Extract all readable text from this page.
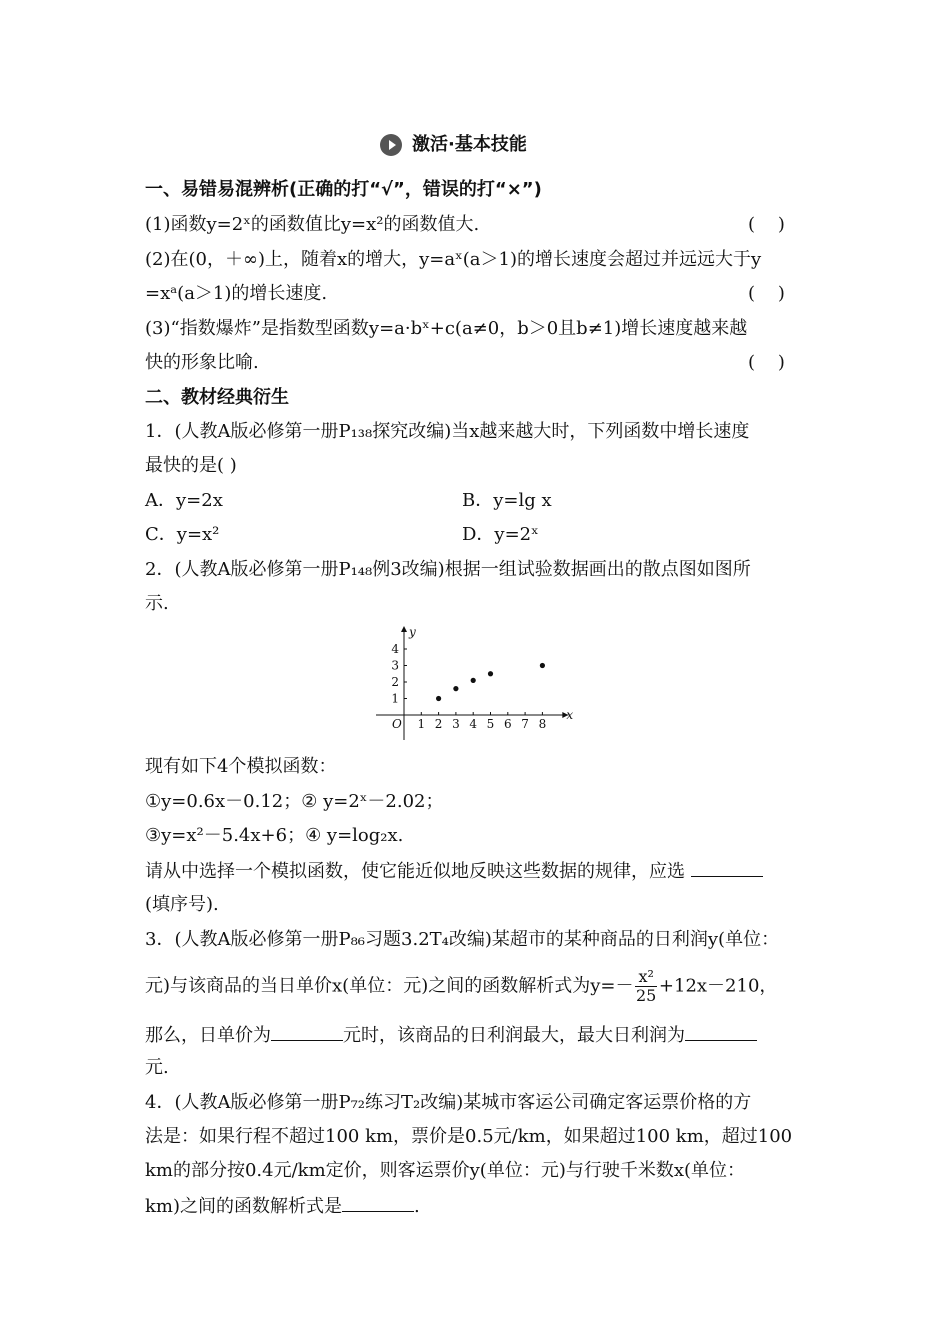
激活·基本技能
一、易错易混辨析(正确的打“√”，错误的打“×”)
(1)函数y=2ˣ的函数值比y=x²的函数值大.	(    )
(2)在(0，＋∞)上，随着x的增大，y=aˣ(a＞1)的增长速度会超过并远远大于y
=xᵃ(a＞1)的增长速度.	(    )
(3)“指数爆炸”是指数型函数y=a·bˣ+c(a≠0，b＞0且b≠1)增长速度越来越
快的形象比喻.	(    )
二、教材经典衍生
1．(人教A版必修第一册P₁₃₈探究改编)当x越来越大时，下列函数中增长速度
最快的是( )
A．y=2x	B．y=lg x
C．y=x²	D．y=2ˣ
2．(人教A版必修第一册P₁₄₈例3改编)根据一组试验数据画出的散点图如图所
示.
x
y
O 1 2 3 4 5 6 7 8
1
2
3
4
现有如下4个模拟函数：
①y=0.6x－0.12；② y=2ˣ－2.02；
③y=x²－5.4x+6；④ y=log₂x.
请从中选择一个模拟函数，使它能近似地反映这些数据的规律，应选
(填序号).
3．(人教A版必修第一册P₈₆习题3.2T₄改编)某超市的某种商品的日利润y(单位：
元)与该商品的当日单价x(单位：元)之间的函数解析式为$y=- \frac{\text{x²}}{25} +12x-210$，
那么，日单价为	元时，该商品的日利润最大，最大日利润为
元.
4．(人教A版必修第一册P₇₂练习T₂改编)某城市客运公司确定客运票价格的方
法是：如果行程不超过100 km，票价是0.5元/km，如果超过100 km，超过100
km的部分按0.4元/km定价，则客运票价y(单位：元)与行驶千米数x(单位：
km)之间的函数解析式是	.
